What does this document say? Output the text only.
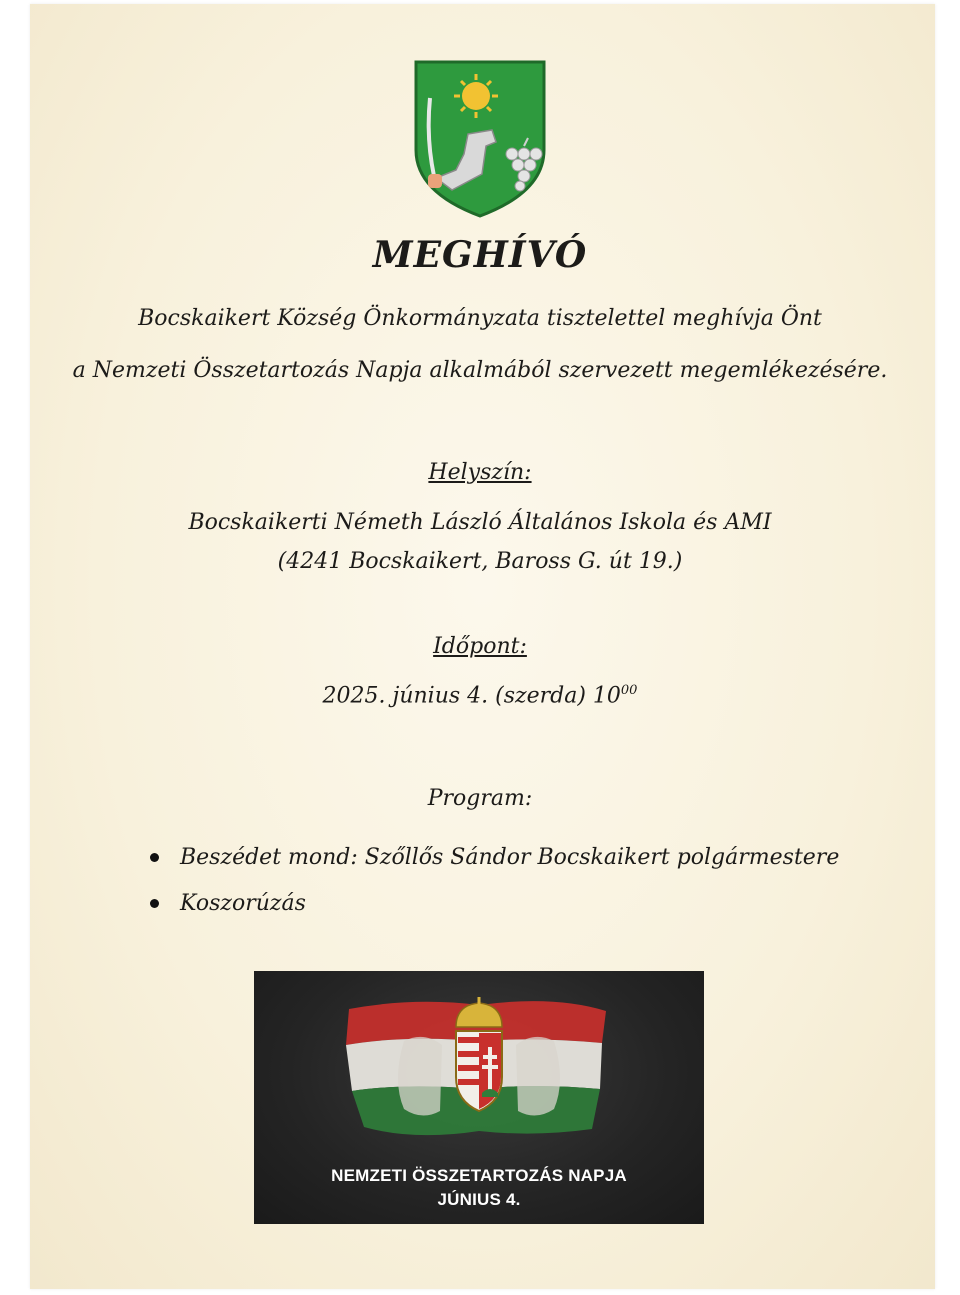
MEGHÍVÓ
Bocskaikert Község Önkormányzata tisztelettel meghívja Önt
a Nemzeti Összetartozás Napja alkalmából szervezett megemlékezésére.
Helyszín:
Bocskaikerti Németh László Általános Iskola és AMI
(4241 Bocskaikert, Baross G. út 19.)
Időpont:
2025. június 4. (szerda) $10^{00}$
Program:
Beszédet mond: Szőllős Sándor Bocskaikert polgármestere
Koszorúzás
NEMZETI ÖSSZETARTOZÁS NAPJA
JÚNIUS 4.
